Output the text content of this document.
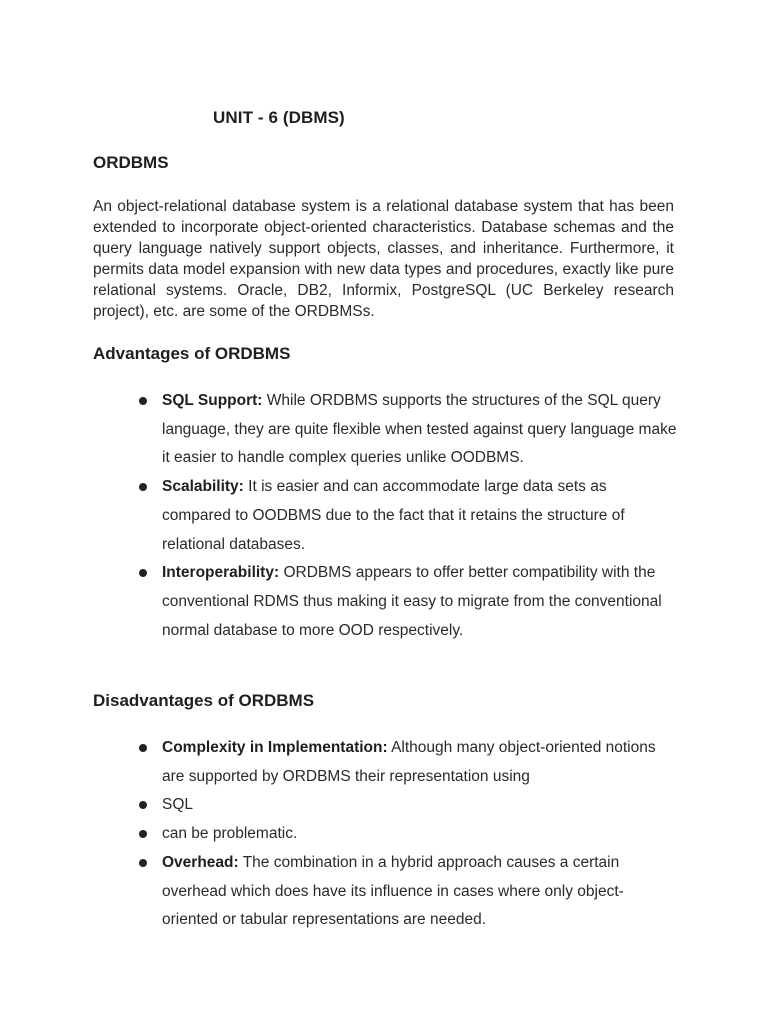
UNIT - 6 (DBMS)
ORDBMS

An object-relational database system is a relational database system that has been extended to incorporate object-oriented characteristics. Database schemas and the query language natively support objects, classes, and inheritance. Furthermore, it permits data model expansion with new data types and procedures, exactly like pure relational systems. Oracle, DB2, Informix, PostgreSQL (UC Berkeley research project), etc. are some of the ORDBMSs.

Advantages of ORDBMS
SQL Support: While ORDBMS supports the structures of the SQL query language, they are quite flexible when tested against query language make it easier to handle complex queries unlike OODBMS.
Scalability: It is easier and can accommodate large data sets as compared to OODBMS due to the fact that it retains the structure of relational databases.
Interoperability: ORDBMS appears to offer better compatibility with the conventional RDMS thus making it easy to migrate from the conventional normal database to more OOD respectively.
Disadvantages of ORDBMS
Complexity in Implementation: Although many object-oriented notions are supported by ORDBMS their representation using
SQL
can be problematic.
Overhead: The combination in a hybrid approach causes a certain overhead which does have its influence in cases where only object-oriented or tabular representations are needed.
